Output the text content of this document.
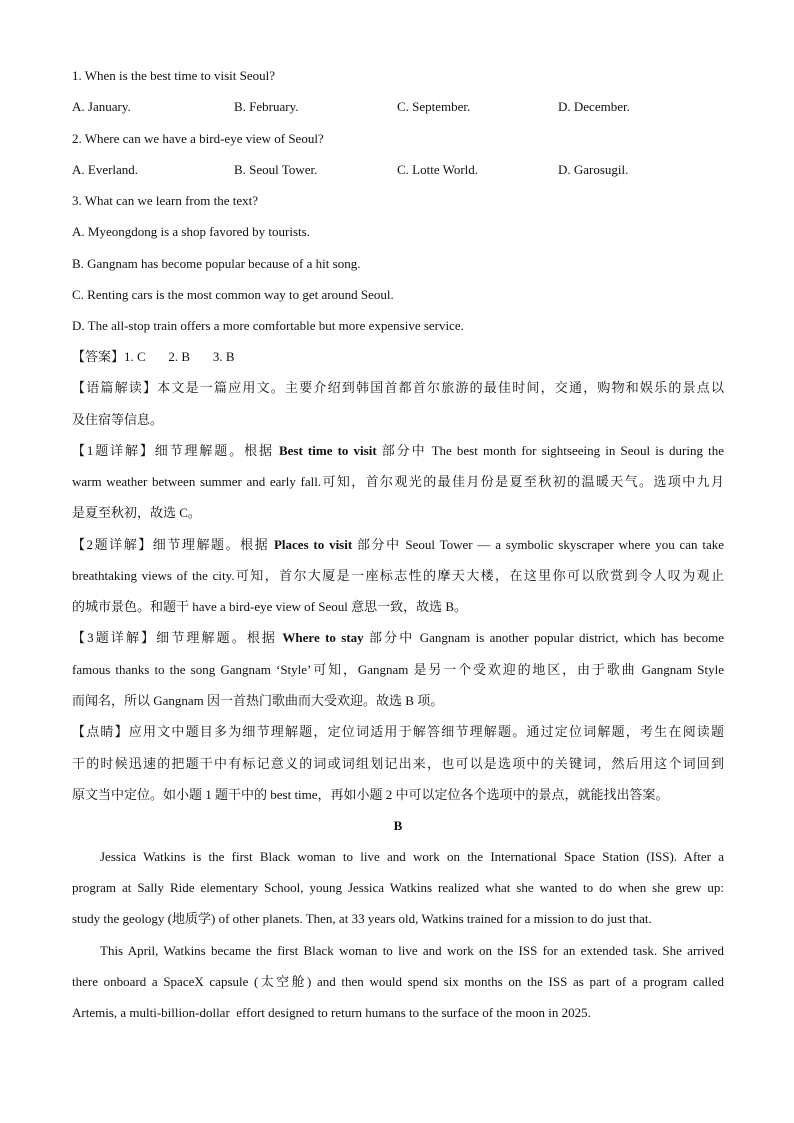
1. When is the best time to visit Seoul?
A. January.	B. February.	C. September.	D. December.
2. Where can we have a bird-eye view of Seoul?
A. Everland.	B. Seoul Tower.	C. Lotte World.	D. Garosugil.
3. What can we learn from the text?
A. Myeongdong is a shop favored by tourists.
B. Gangnam has become popular because of a hit song.
C. Renting cars is the most common way to get around Seoul.
D. The all-stop train offers a more comfortable but more expensive service.
【答案】1. C       2. B       3. B
【语篇解读】本文是一篇应用文。主要介绍到韩国首都首尔旅游的最佳时间，交通，购物和娱乐的景点以
及住宿等信息。
【1题详解】细节理解题。根据 Best time to visit 部分中 The best month for sightseeing in Seoul is during the
warm weather between summer and early fall.可知，首尔观光的最佳月份是夏至秋初的温暖天气。选项中九月
是夏至秋初，故选 C。
【2题详解】细节理解题。根据 Places to visit 部分中 Seoul Tower — a symbolic skyscraper where you can take
breathtaking views of the city.可知，首尔大厦是一座标志性的摩天大楼，在这里你可以欣赏到令人叹为观止
的城市景色。和题干 have a bird-eye view of Seoul 意思一致，故选 B。
【3题详解】细节理解题。根据 Where to stay 部分中 Gangnam is another popular district, which has become
famous thanks to the song Gangnam ‘Style’可知，Gangnam 是另一个受欢迎的地区，由于歌曲 Gangnam Style
而闻名，所以 Gangnam 因一首热门歌曲而大受欢迎。故选 B 项。
【点睛】应用文中题目多为细节理解题，定位词适用于解答细节理解题。通过定位词解题，考生在阅读题
干的时候迅速的把题干中有标记意义的词或词组划记出来，也可以是选项中的关键词，然后用这个词回到
原文当中定位。如小题 1 题干中的 best time，再如小题 2 中可以定位各个选项中的景点，就能找出答案。
B
Jessica Watkins is the first Black woman to live and work on the International Space Station (ISS). After a
program at Sally Ride elementary School, young Jessica Watkins realized what she wanted to do when she grew up:
study the geology (地质学) of other planets. Then, at 33 years old, Watkins trained for a mission to do just that.
This April, Watkins became the first Black woman to live and work on the ISS for an extended task. She arrived
there onboard a SpaceX capsule (太空舱) and then would spend six months on the ISS as part of a program called
Artemis, a multi-billion-dollar  effort designed to return humans to the surface of the moon in 2025.
